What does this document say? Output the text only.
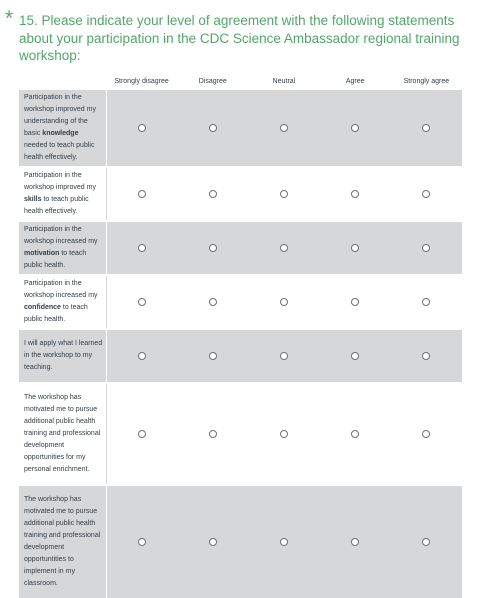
* 15. Please indicate your level of agreement with the following statements about your participation in the CDC Science Ambassador regional training workshop:

	Strongly disagree	Disagree	Neutral	Agree	Strongly agree
Participation in the workshop improved my understanding of the basic knowledge needed to teach public health effectively.					

Participation in the workshop improved my skills to teach public health effectively.					

Participation in the workshop increased my motivation to teach public health.					

Participation in the workshop increased my confidence to teach public health.					

I will apply what I learned in the workshop to my teaching.					

The workshop has motivated me to pursue additional public health training and professional development opportunities for my personal enrichment.					

The workshop has motivated me to pursue additional public health training and professional development opportuntities to implement in my classroom.					
